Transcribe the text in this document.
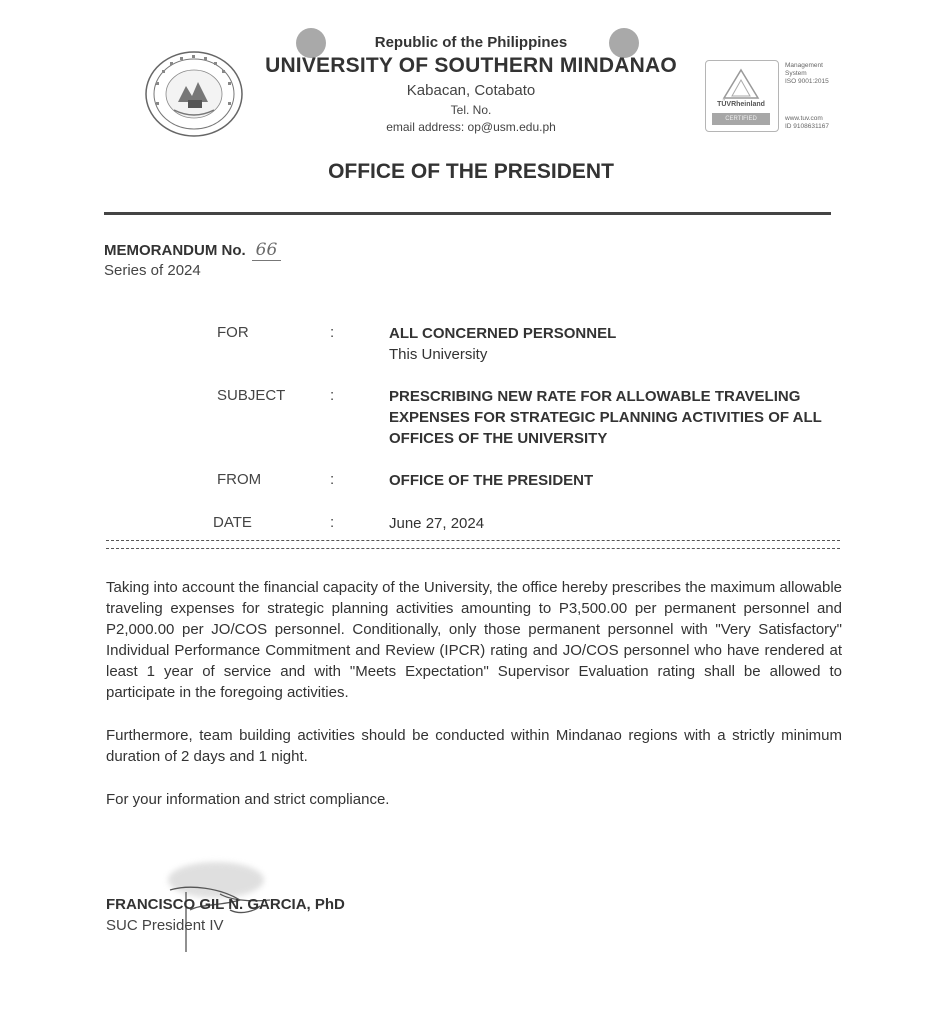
Republic of the Philippines
UNIVERSITY OF SOUTHERN MINDANAO
Kabacan, Cotabato
Tel. No.
email address: op@usm.edu.ph
OFFICE OF THE PRESIDENT
TÜVRheinland
CERTIFIED
Management
System
ISO 9001:2015
www.tuv.com
ID 9108631167
MEMORANDUM No. 66
Series of 2024
FOR	:	ALL CONCERNED PERSONNEL
This University
SUBJECT	:	PRESCRIBING NEW RATE FOR ALLOWABLE TRAVELING EXPENSES FOR STRATEGIC PLANNING ACTIVITIES OF ALL OFFICES OF THE UNIVERSITY
FROM	:	OFFICE OF THE PRESIDENT
DATE	:	June 27, 2024
Taking into account the financial capacity of the University, the office hereby prescribes the maximum allowable traveling expenses for strategic planning activities amounting to P3,500.00 per permanent personnel and P2,000.00 per JO/COS personnel. Conditionally, only those permanent personnel with "Very Satisfactory" Individual Performance Commitment and Review (IPCR) rating and JO/COS personnel who have rendered at least 1 year of service and with "Meets Expectation" Supervisor Evaluation rating shall be allowed to participate in the foregoing activities.
Furthermore, team building activities should be conducted within Mindanao regions with a strictly minimum duration of 2 days and 1 night.
For your information and strict compliance.
FRANCISCO GIL N. GARCIA, PhD
SUC President IV
